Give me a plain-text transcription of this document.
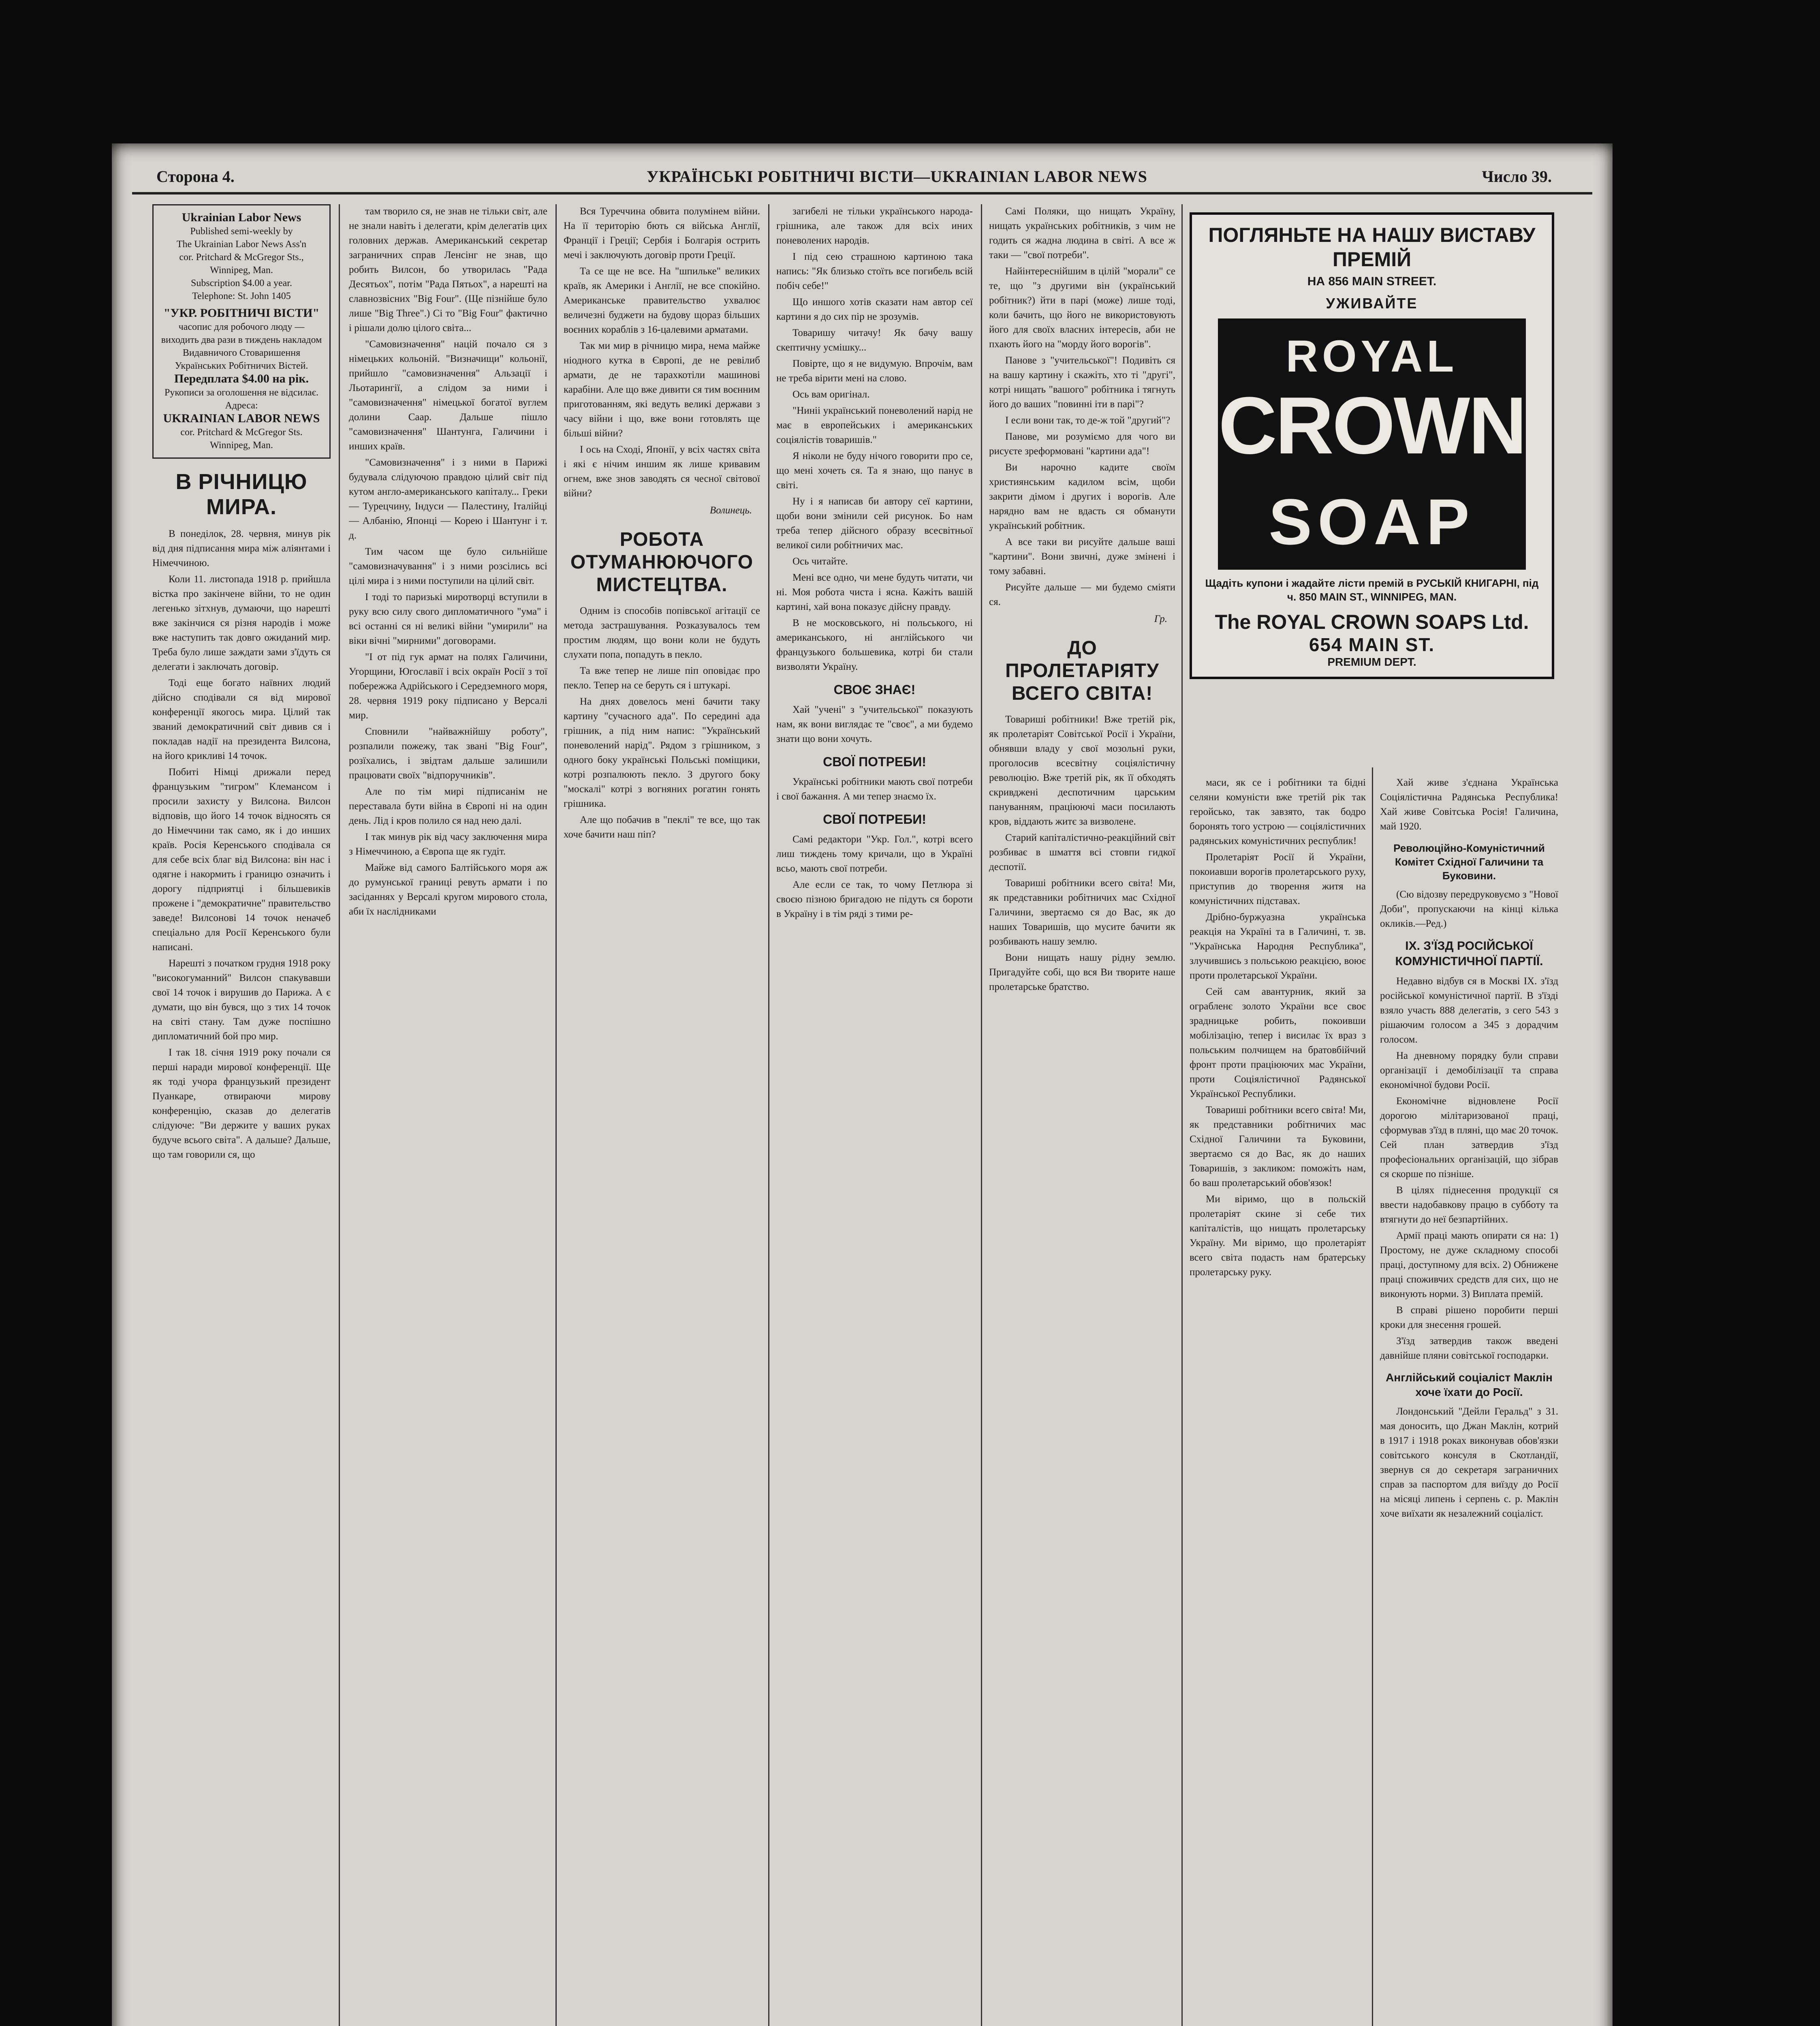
Сторона 4.	УКРАЇНСЬКІ РОБІТНИЧІ ВІСТИ—UKRAINIAN LABOR NEWS	Число 39.
Ukrainian Labor News
Published semi-weekly by
The Ukrainian Labor News Ass'n
cor. Pritchard & McGregor Sts., Winnipeg, Man.
Subscription $4.00 a year.
Telephone: St. John 1405
"УКР. РОБІТНИЧІ ВІСТИ"
часопис для робочого люду — виходить два рази в тиждень накладом Видавничого Стоваришення Українських Робітничих Вістей.
Передплата $4.00 на рік.
Рукописи за оголошення не відсилає.
Адреса:
UKRAINIAN LABOR NEWS
cor. Pritchard & McGregor Sts.
Winnipeg, Man.
В РІЧНИЦЮ МИРА.

В понеділок, 28. червня, минув рік від дня підписання мира між аліянтами і Німеччиною.

Коли 11. листопада 1918 р. прийшла вістка про закінчене війни, то не один легенько зітхнув, думаючи, що нарешті вже закінчися ся різня народів і може вже наступить так довго ожиданий мир. Треба було лише заждати зами з'їдуть ся делегати і заключать договір.

Тоді еще богато наївних людий дійсно сподівали ся від мирової конференції якогось мира. Цілий так званий демократичний світ дивив ся і покладав надії на президента Вилсона, на його крикливі 14 точок.

Побиті Німці дрижали перед французьким "тигром" Клемансом і просили захисту у Вилсона. Вилсон відповів, що його 14 точок відносять ся до Німеччини так само, як і до инших країв. Росія Керенського сподівала ся для себе всіх благ від Вилсона: він нас і одягне і накормить і границю означить і дорогу підприятці і більшевиків прожене і "демократичне" правительство заведе! Вилсонові 14 точок неначеб спеціально для Росії Керенського були написані.

Нарешті з початком грудня 1918 року "високогуманний" Вилсон спакувавши свої 14 точок і вирушив до Парижа. А є думати, що він бувся, що з тих 14 точок на світі стану. Там дуже поспішно дипломатичний бой про мир.

І так 18. січня 1919 року почали ся перші наради мирової конференції. Ще як тоді учора французький президент Пуанкаре, отвираючи мирову конференцію, сказав до делегатів слідуюче: "Ви держите у ваших руках будуче всього світа". А дальше? Дальше, що там говорили ся, що

там творило ся, не знав не тільки світ, але не знали навіть і делегати, крім делегатів цих головних держав. Американський секретар заграничних справ Ленсінг не знав, що робить Вилсон, бо утворилась "Рада Десятьох", потім "Рада Пятьох", а нарешті на славнозвісних "Big Four". (Ще пізнійше було лише "Big Three".) Сі то "Big Four" фактично і рішали долю цілого світа...

"Самовизначення" націй почало ся з німецьких кольоній. "Визначищи" кольонії, прийшло "самовизначення" Альзації і Льотарингії, а слідом за ними і "самовизначення" німецької богатої вуглем долини Саар. Дальше пішло "самовизначення" Шантунга, Галичини і инших країв.

"Самовизначення" і з ними в Парижі будувала слідуючою правдою цілий світ під кутом англо-американського капіталу... Греки — Турецчину, Індуси — Палестину, Італійці — Албанію, Японці — Корею і Шантунг і т. д.

Тим часом ще було сильнійше "самовизначування" і з ними розсілись всі цілі мира і з ними поступили на цілий світ.

І тоді то паризькі миротворці вступили в руку всю силу свого дипломатичного "ума" і всі останні ся ні великі війни "умирили" на віки вічні "мирними" договорами.

"І от під гук армат на полях Галичини, Угорщини, Югославії і всіх окраїн Росії з тої побережжа Адрійського і Середземного моря, 28. червня 1919 року підписано у Версалі мир.

Сповнили "найважнійшу роботу", розпалили пожежу, так звані "Big Four", розїхались, і звідтам дальше залишили працювати своїх "відпоручників".

Але по тім мирі підписанім не переставала бути війна в Європі ні на один день. Лід і кров полило ся над нею далі.

І так минув рік від часу заключення мира з Німеччиною, а Європа ще як гудіт.

Майже від самого Балтійського моря аж до румунської границі ревуть армати і по засіданнях у Версалі кругом мирового стола, аби їх наслідниками

Вся Туреччина обвита полумінем війни. На її територію бють ся війська Англії, Франції і Греції; Сербія і Болгарія острить мечі і заключують договір проти Греції.

Та се ще не все. На "шпильке" великих країв, як Америки і Англії, не все спокійно. Американське правительство ухвалює величезні буджети на будову щораз більших воєнних кораблів з 16-цалевими арматами.

Так ми мир в річницю мира, нема майже ніодного кутка в Європі, де не ревілиб армати, де не тарахкотіли машинові карабіни. Але що вже дивити ся тим воєнним приготованням, які ведуть великі держави з часу війни і що, вже вони готовлять ще більші війни?

І ось на Сході, Японії, у всіх частях світа і які є нічим иншим як лише кривавим огнем, вже знов заводять ся чесної світової війни?

Волинець.
РОБОТА ОТУМАНЮЮЧОГО МИСТЕЦТВА.

Одним із способів попівської агітації се метода застрашування. Розказувалось тем простим людям, що вони коли не будуть слухати попа, попадуть в пекло.

Та вже тепер не лише піп оповідає про пекло. Тепер на се беруть ся і штукарі.

На днях довелось мені бачити таку картину "сучасного ада". По середині ада грішник, а під ним напис: "Український поневолений нарід". Рядом з грішником, з одного боку українські Польські поміщики, котрі розпалюють пекло. З другого боку "москалі" котрі з вогняних рогатин гонять грішника.

Але що побачив в "пеклі" те все, що так хоче бачити наш піп?

загибелі не тільки українського народа-грішника, але також для всіх иних поневолених народів.

І під сею страшною картиною така напись: "Як близько стоїть все погибель всій побіч себе!"

Що иншого хотів сказати нам автор сеї картини я до сих пір не зрозумів.

Товаришу читачу! Як бачу вашу скептичну усмішку...

Повірте, що я не видумую. Впрочім, вам не треба вірити мені на слово.

Ось вам оригінал.

"Ниніi український поневолений нарід не має в европейських і американських соціялістів товаришів."

Я ніколи не буду нічого говорити про се, що мені хочеть ся. Та я знаю, що панує в світі.

Ну і я написав би автору сеї картини, щоби вони змінили сей рисунок. Бо нам треба тепер дійсного образу всесвітньої великої сили робітничих мас.

Ось читайте.

Мені все одно, чи мене будуть читати, чи ні. Моя робота чиста і ясна. Кажіть вашій картині, хай вона показує дійсну правду.

В не московського, ні польського, ні американського, ні англійського чи французького большевика, котрі би стали визволяти Україну.

СВОЄ ЗНАЄ!

Хай "учені" з "учительської" показують нам, як вони виглядає те "своє", а ми будемо знати що вони хочуть.

СВОЇ ПОТРЕБИ!

Українські робітники мають свої потреби і свої бажання. А ми тепер знаємо їх.

СВОЇ ПОТРЕБИ!

Самі редактори "Укр. Гол.", котрі всего лиш тиждень тому кричали, що в Україні всьо, мають свої потреби.

Але если се так, то чому Петлюра зі своєю пізною бригадою не підуть ся бороти в Україну і в тім ряді з тими ре-

Самі Поляки, що нищать Україну, нищать українських робітників, з чим не годить ся жадна людина в світі. А все ж таки — "свої потреби".

Найінтереснійшим в цілій "морали" се те, що "з другими він (український робітник?) йти в парі (може) лише тоді, коли бачить, що його не використовують його для своїх власних інтересів, аби не пхають його на "морду його ворогів".

Панове з "учительської"! Подивіть ся на вашу картину і скажіть, хто ті "другі", котрі нищать "вашого" робітника і тягнуть його до ваших "повинні іти в парі"?

І если вони так, то де-ж той "другий"?

Панове, ми розуміємо для чого ви рисуєте зреформовані "картини ада"!

Ви нарочно кадите своїм християнським кадилом всім, щоби закрити дімом і других і ворогів. Але нарядно вам не вдасть ся обманути український робітник.

А все таки ви рисуйте дальше ваші "картини". Вони звичні, дуже змінені і тому забавні.

Рисуйте дальше — ми будемо сміяти ся.

Гр.
ДО ПРОЛЕТАРІЯТУ ВСЕГО СВІТА!

Товариші робітники! Вже третій рік, як пролетаріят Совітської Росії і України, обнявши владу у свої мозольні руки, проголосив всесвітну соціялістичну революцію. Вже третій рік, як її обходять скривджені деспотичним царським пануванням, праціюючі маси посилають кров, віддають житє за визволене.

Старий капіталістично-реакційний світ розбиває в шмаття всі стовпи гидкої деспотії.

Товариші робітники всего світа! Ми, як представники робітничих мас Східної Галичини, звертаємо ся до Вас, як до наших Товаришів, що мусите бачити як розбивають нашу землю.

Вони нищать нашу рідну землю. Пригадуйте собі, що вся Ви творите наше пролетарське братство.

ПОГЛЯНЬТЕ НА НАШУ ВИСТАВУ ПРЕМІЙ
НА 856 MAIN STREET.
УЖИВАЙТЕ
ROYAL
CROWN
SOAP
Щадіть купони і жадайте лісти премій в РУСЬКІЙ КНИГАРНІ, під ч. 850 MAIN ST., WINNIPEG, MAN.
The ROYAL CROWN SOAPS Ltd.
654 MAIN ST.
PREMIUM DEPT.

маси, як се і робітники та бідні селяни комуністи вже третій рік так геройсько, так завзято, так бодро боронять того устрою — соціялістичних радянських комуністичних республик!

Пролетаріят Росії й України, покоиавши ворогів пролетарського руху, приступив до творення житя на комуністичних підставах.

Дрібно-буржуазна українська реакція на Україні та в Галичині, т. зв. "Українська Народня Республика", злучившись з польською реакцією, воює проти пролетарської України.

Сей сам авантурник, який за ограбленє золото України все своє зрадницьке робить, покоивши мобілізацію, тепер і висилає їх враз з польським полчищем на братовбійчий фронт проти праціюючих мас України, проти Соціялістичної Радянської Української Республики.

Товариші робітники всего світа! Ми, як представники робітничих мас Східної Галичини та Буковини, звертаємо ся до Вас, як до наших Товаришів, з закликом: поможіть нам, бо ваш пролетарський обов'язок!

Ми віримо, що в польскій пролетаріят скине зі себе тих капіталістів, що нищать пролетарську Україну. Ми віримо, що пролетаріят всего світа подасть нам братерську пролетарську руку.

Хай живе з'єднана Українська Соціялістична Радянська Республика! Хай живе Совітська Росія! Галичина, май 1920.

Революційно-Комуністичний Комітет Східної Галичини та Буковини.

(Сю відозву передруковуємо з "Нової Доби", пропускаючи на кінці кілька окликів.—Ред.)

IX. З'ЇЗД РОСІЙСЬКОЇ КОМУНІСТИЧНОЇ ПАРТІЇ.

Недавно відбув ся в Москві IX. з'їзд російської комуністичної партії. В з'їзді взяло участь 888 делегатів, з сего 543 з рішаючим голосом а 345 з дорадчим голосом.

На дневному порядку були справи організації і демобілізації та справа економічної будови Росії.

Економічне відновлене Росії дорогою мілітаризованої праці, сформував з'їзд в пляні, що має 20 точок. Сей план затвердив з'їзд професіональних організацій, що зібрав ся скорше по пізніше.

В цілях піднесення продукції ся ввести надобавкову працю в субботу та втягнути до неї безпартійних.

Армії праці мають опирати ся на: 1) Простому, не дуже складному способі праці, доступному для всіх. 2) Обнижене праці споживчих средств для сих, що не виконують норми. 3) Виплата премій.

В справі рішено поробити перші кроки для знесення грошей.

З'їзд затвердив також введені давнійше пляни совітської господарки.

Англійський соціаліст Маклін хоче їхати до Росії.

Лондонський "Дейли Геральд" з 31. мая доносить, що Джан Маклін, котрий в 1917 і 1918 роках виконував обов'язки совітського консуля в Скотландії, звернув ся до секретаря заграничних справ за паспортом для виїзду до Росії на місяці липень і серпень с. р. Маклін хоче виїхати як незалежний соціаліст.
